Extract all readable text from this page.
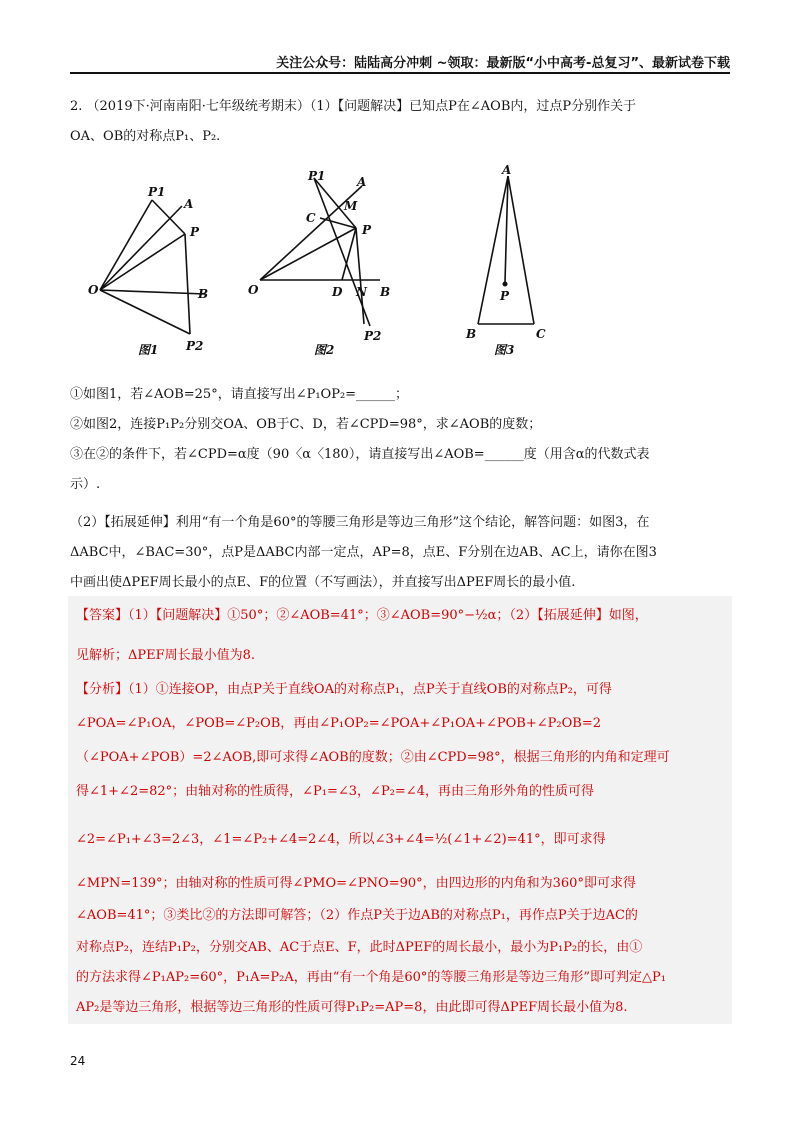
关注公众号：陆陆高分冲刺 ~领取：最新版“小中高考-总复习”、最新试卷下载
2. （2019下·河南南阳·七年级统考期末）（1）【问题解决】已知点P在∠AOB内，过点P分别作关于
OA、OB的对称点P₁、P₂.
P1
A
P
O	B
P2
图1
P1	A
C
M
P
O	D N B
P2
图2
A
P
B	C
图3
①如图1，若∠AOB=25°，请直接写出∠P₁OP₂=______；
②如图2，连接P₁P₂分别交OA、OB于C、D，若∠CPD=98°，求∠AOB的度数；
③在②的条件下，若∠CPD=α度（90〈α〈180），请直接写出∠AOB=______度（用含α的代数式表
示）.
（2）【拓展延伸】利用“有一个角是60°的等腰三角形是等边三角形”这个结论，解答问题：如图3，在
ΔABC中，∠BAC=30°，点P是ΔABC内部一定点，AP=8，点E、F分别在边AB、AC上，请你在图3
中画出使ΔPEF周长最小的点E、F的位置（不写画法），并直接写出ΔPEF周长的最小值.
【答案】（1）【问题解决】①50°；②∠AOB=41°；③∠AOB=90°−½α；（2）【拓展延伸】如图，
见解析；ΔPEF周长最小值为8.
【分析】（1）①连接OP，由点P关于直线OA的对称点P₁，点P关于直线OB的对称点P₂，可得
∠POA=∠P₁OA，∠POB=∠P₂OB，再由∠P₁OP₂=∠POA+∠P₁OA+∠POB+∠P₂OB=2
（∠POA+∠POB）=2∠AOB,即可求得∠AOB的度数；②由∠CPD=98°，根据三角形的内角和定理可
得∠1+∠2=82°；由轴对称的性质得，∠P₁=∠3，∠P₂=∠4，再由三角形外角的性质可得
∠2=∠P₁+∠3=2∠3，∠1=∠P₂+∠4=2∠4，所以∠3+∠4=½(∠1+∠2)=41°，即可求得
∠MPN=139°；由轴对称的性质可得∠PMO=∠PNO=90°，由四边形的内角和为360°即可求得
∠AOB=41°；③类比②的方法即可解答；（2）作点P关于边AB的对称点P₁，再作点P关于边AC的
对称点P₂，连结P₁P₂，分别交AB、AC于点E、F，此时ΔPEF的周长最小，最小为P₁P₂的长，由①
的方法求得∠P₁AP₂=60°，P₁A=P₂A，再由“有一个角是60°的等腰三角形是等边三角形”即可判定△P₁
AP₂是等边三角形，根据等边三角形的性质可得P₁P₂=AP=8，由此即可得ΔPEF周长最小值为8.
24
